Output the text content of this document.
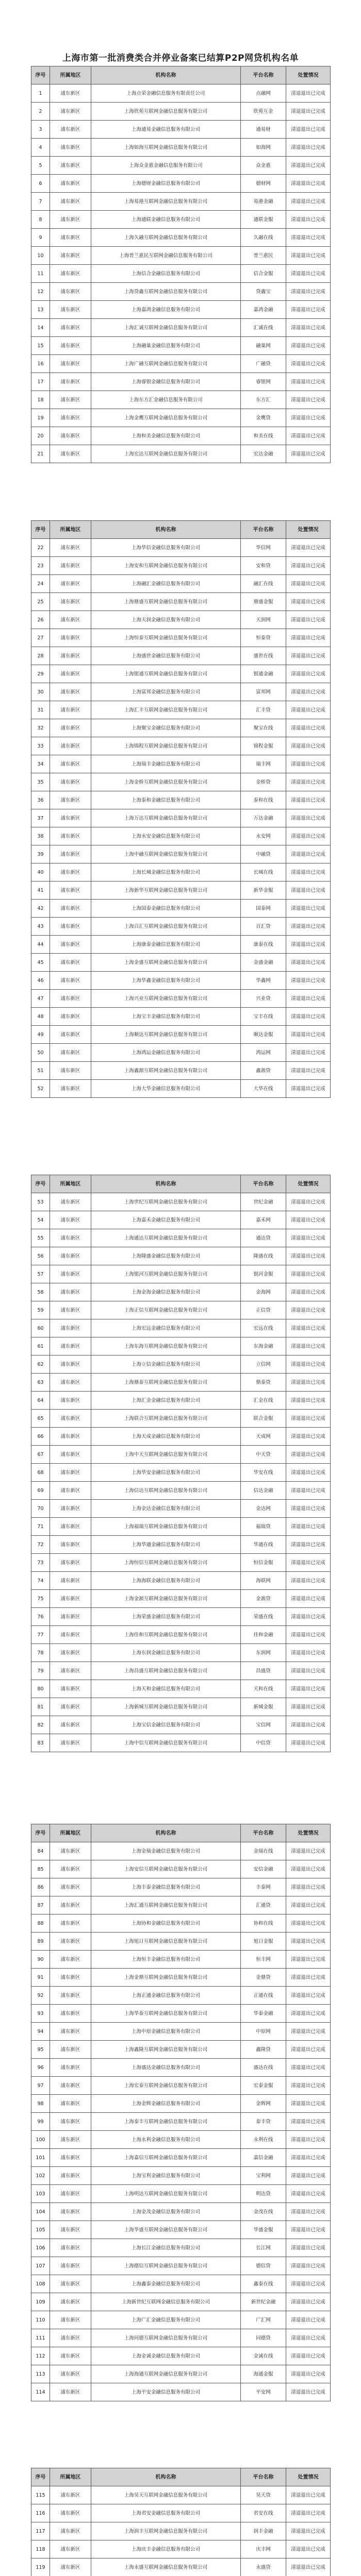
上海市第一批消费类合并停业备案已结算P2P网贷机构名单
序号	所属地区	机构名称	平台名称	处置情况
1	浦东新区	上海点荣金融信息服务有限责任公司	点融网	清退退出已完成
2	浦东新区	上海欣苑互联网金融信息服务有限公司	欣苑互金	清退退出已完成
3	浦东新区	上海通易金融信息服务有限公司	通易财	清退退出已完成
4	浦东新区	上海如海互联网金融信息服务有限公司	如海网	清退退出已完成
5	浦东新区	上海众金惠金融信息服务有限公司	众金惠	清退退出已完成
6	浦东新区	上海德财金融信息服务有限公司	德财网	清退退出已完成
7	浦东新区	上海易港互联网金融信息服务有限公司	易港金融	清退退出已完成
8	浦东新区	上海通联金融信息服务有限公司	通联金服	清退退出已完成
9	浦东新区	上海久融互联网金融信息服务有限公司	久融在线	清退退出已完成
10	浦东新区	上海普兰惠民互联网金融信息服务有限公司	普兰惠民	清退退出已完成
11	浦东新区	上海信合金融信息服务有限公司	信合金服	清退退出已完成
12	浦东新区	上海贷鑫互联网金融信息服务有限公司	贷鑫宝	清退退出已完成
13	浦东新区	上海嘉鸿金融信息服务有限公司	嘉鸿金融	清退退出已完成
14	浦东新区	上海汇诚互联网金融信息服务有限公司	汇诚在线	清退退出已完成
15	浦东新区	上海融巢金融信息服务有限公司	融巢网	清退退出已完成
16	浦东新区	上海广融互联网金融信息服务有限公司	广融贷	清退退出已完成
17	浦东新区	上海睿银金融信息服务有限公司	睿银网	清退退出已完成
18	浦东新区	上海东方汇金融信息服务有限公司	东方汇	清退退出已完成
19	浦东新区	上海金鹰互联网金融信息服务有限公司	金鹰贷	清退退出已完成
20	浦东新区	上海和美金融信息服务有限公司	和美在线	清退退出已完成
21	浦东新区	上海宏达互联网金融信息服务有限公司	宏达金融	清退退出已完成
序号	所属地区	机构名称	平台名称	处置情况
22	浦东新区	上海华信金融信息服务有限公司	华信网	清退退出已完成
23	浦东新区	上海安和互联网金融信息服务有限公司	安和贷	清退退出已完成
24	浦东新区	上海融汇金融信息服务有限公司	融汇在线	清退退出已完成
25	浦东新区	上海鼎盛互联网金融信息服务有限公司	鼎盛金服	清退退出已完成
26	浦东新区	上海天润金融信息服务有限公司	天润网	清退退出已完成
27	浦东新区	上海恒泰互联网金融信息服务有限公司	恒泰贷	清退退出已完成
28	浦东新区	上海盛世金融信息服务有限公司	盛世在线	清退退出已完成
29	浦东新区	上海银通互联网金融信息服务有限公司	银通金融	清退退出已完成
30	浦东新区	上海富邦金融信息服务有限公司	富邦网	清退退出已完成
31	浦东新区	上海汇丰互联网金融信息服务有限公司	汇丰贷	清退退出已完成
32	浦东新区	上海聚宝金融信息服务有限公司	聚宝在线	清退退出已完成
33	浦东新区	上海锦程互联网金融信息服务有限公司	锦程金服	清退退出已完成
34	浦东新区	上海瑞丰金融信息服务有限公司	瑞丰网	清退退出已完成
35	浦东新区	上海金桥互联网金融信息服务有限公司	金桥贷	清退退出已完成
36	浦东新区	上海泰和金融信息服务有限公司	泰和在线	清退退出已完成
37	浦东新区	上海万达互联网金融信息服务有限公司	万达金融	清退退出已完成
38	浦东新区	上海永安金融信息服务有限公司	永安网	清退退出已完成
39	浦东新区	上海中融互联网金融信息服务有限公司	中融贷	清退退出已完成
40	浦东新区	上海长城金融信息服务有限公司	长城在线	清退退出已完成
41	浦东新区	上海新华互联网金融信息服务有限公司	新华金服	清退退出已完成
42	浦东新区	上海国泰金融信息服务有限公司	国泰网	清退退出已完成
43	浦东新区	上海百汇互联网金融信息服务有限公司	百汇贷	清退退出已完成
44	浦东新区	上海康泰金融信息服务有限公司	康泰在线	清退退出已完成
45	浦东新区	上海金盛互联网金融信息服务有限公司	金盛金融	清退退出已完成
46	浦东新区	上海华鑫金融信息服务有限公司	华鑫网	清退退出已完成
47	浦东新区	上海兴业互联网金融信息服务有限公司	兴业贷	清退退出已完成
48	浦东新区	上海宝丰金融信息服务有限公司	宝丰在线	清退退出已完成
49	浦东新区	上海顺达互联网金融信息服务有限公司	顺达金服	清退退出已完成
50	浦东新区	上海鸿运金融信息服务有限公司	鸿运网	清退退出已完成
51	浦东新区	上海鑫源互联网金融信息服务有限公司	鑫源贷	清退退出已完成
52	浦东新区	上海大华金融信息服务有限公司	大华在线	清退退出已完成
序号	所属地区	机构名称	平台名称	处置情况
53	浦东新区	上海世纪互联网金融信息服务有限公司	世纪金融	清退退出已完成
54	浦东新区	上海嘉禾金融信息服务有限公司	嘉禾网	清退退出已完成
55	浦东新区	上海通达互联网金融信息服务有限公司	通达贷	清退退出已完成
56	浦东新区	上海隆盛金融信息服务有限公司	隆盛在线	清退退出已完成
57	浦东新区	上海银河互联网金融信息服务有限公司	银河金服	清退退出已完成
58	浦东新区	上海金海金融信息服务有限公司	金海网	清退退出已完成
59	浦东新区	上海正信互联网金融信息服务有限公司	正信贷	清退退出已完成
60	浦东新区	上海宏远金融信息服务有限公司	宏远在线	清退退出已完成
61	浦东新区	上海东海互联网金融信息服务有限公司	东海金融	清退退出已完成
62	浦东新区	上海立信金融信息服务有限公司	立信网	清退退出已完成
63	浦东新区	上海鼎泰互联网金融信息服务有限公司	鼎泰贷	清退退出已完成
64	浦东新区	上海汇金金融信息服务有限公司	汇金在线	清退退出已完成
65	浦东新区	上海联合互联网金融信息服务有限公司	联合金服	清退退出已完成
66	浦东新区	上海天成金融信息服务有限公司	天成网	清退退出已完成
67	浦东新区	上海中天互联网金融信息服务有限公司	中天贷	清退退出已完成
68	浦东新区	上海华安金融信息服务有限公司	华安在线	清退退出已完成
69	浦东新区	上海信达互联网金融信息服务有限公司	信达金融	清退退出已完成
70	浦东新区	上海金达金融信息服务有限公司	金达网	清退退出已完成
71	浦东新区	上海福瑞互联网金融信息服务有限公司	福瑞贷	清退退出已完成
72	浦东新区	上海华通金融信息服务有限公司	华通在线	清退退出已完成
73	浦东新区	上海恒信互联网金融信息服务有限公司	恒信金服	清退退出已完成
74	浦东新区	上海海联金融信息服务有限公司	海联网	清退退出已完成
75	浦东新区	上海金源互联网金融信息服务有限公司	金源贷	清退退出已完成
76	浦东新区	上海荣盛金融信息服务有限公司	荣盛在线	清退退出已完成
77	浦东新区	上海佳和互联网金融信息服务有限公司	佳和金融	清退退出已完成
78	浦东新区	上海东润金融信息服务有限公司	东润网	清退退出已完成
79	浦东新区	上海昌盛互联网金融信息服务有限公司	昌盛贷	清退退出已完成
80	浦东新区	上海天和金融信息服务有限公司	天和在线	清退退出已完成
81	浦东新区	上海新城互联网金融信息服务有限公司	新城金服	清退退出已完成
82	浦东新区	上海宝信金融信息服务有限公司	宝信网	清退退出已完成
83	浦东新区	上海中信互联网金融信息服务有限公司	中信贷	清退退出已完成
序号	所属地区	机构名称	平台名称	处置情况
84	浦东新区	上海金瑞金融信息服务有限公司	金瑞在线	清退退出已完成
85	浦东新区	上海安信互联网金融信息服务有限公司	安信金融	清退退出已完成
86	浦东新区	上海丰泰金融信息服务有限公司	丰泰网	清退退出已完成
87	浦东新区	上海汇通互联网金融信息服务有限公司	汇通贷	清退退出已完成
88	浦东新区	上海协和金融信息服务有限公司	协和在线	清退退出已完成
89	浦东新区	上海旭日互联网金融信息服务有限公司	旭日金服	清退退出已完成
90	浦东新区	上海恒丰金融信息服务有限公司	恒丰网	清退退出已完成
91	浦东新区	上海金鼎互联网金融信息服务有限公司	金鼎贷	清退退出已完成
92	浦东新区	上海正通金融信息服务有限公司	正通在线	清退退出已完成
93	浦东新区	上海华泰互联网金融信息服务有限公司	华泰金融	清退退出已完成
94	浦东新区	上海中原金融信息服务有限公司	中原网	清退退出已完成
95	浦东新区	上海鑫隆互联网金融信息服务有限公司	鑫隆贷	清退退出已完成
96	浦东新区	上海盛达金融信息服务有限公司	盛达在线	清退退出已完成
97	浦东新区	上海宏泰互联网金融信息服务有限公司	宏泰金服	清退退出已完成
98	浦东新区	上海金辉金融信息服务有限公司	金辉网	清退退出已完成
99	浦东新区	上海泰丰互联网金融信息服务有限公司	泰丰贷	清退退出已完成
100	浦东新区	上海永利金融信息服务有限公司	永利在线	清退退出已完成
101	浦东新区	上海嘉信互联网金融信息服务有限公司	嘉信金融	清退退出已完成
102	浦东新区	上海宝利金融信息服务有限公司	宝利网	清退退出已完成
103	浦东新区	上海明达互联网金融信息服务有限公司	明达贷	清退退出已完成
104	浦东新区	上海金茂金融信息服务有限公司	金茂在线	清退退出已完成
105	浦东新区	上海华盛互联网金融信息服务有限公司	华盛金服	清退退出已完成
106	浦东新区	上海长江金融信息服务有限公司	长江网	清退退出已完成
107	浦东新区	上海德信互联网金融信息服务有限公司	德信贷	清退退出已完成
108	浦东新区	上海鑫泰金融信息服务有限公司	鑫泰在线	清退退出已完成
109	浦东新区	上海新世纪互联网金融信息服务有限公司	新世纪金融	清退退出已完成
110	浦东新区	上海广汇金融信息服务有限公司	广汇网	清退退出已完成
111	浦东新区	上海同德互联网金融信息服务有限公司	同德贷	清退退出已完成
112	浦东新区	上海金诚金融信息服务有限公司	金诚在线	清退退出已完成
113	浦东新区	上海海通互联网金融信息服务有限公司	海通金服	清退退出已完成
114	浦东新区	上海平安金融信息服务有限公司	平安网	清退退出已完成
序号	所属地区	机构名称	平台名称	处置情况
115	浦东新区	上海昊天互联网金融信息服务有限公司	昊天贷	清退退出已完成
116	浦东新区	上海君安金融信息服务有限公司	君安在线	清退退出已完成
117	浦东新区	上海润丰互联网金融信息服务有限公司	润丰金融	清退退出已完成
118	浦东新区	上海庆丰金融信息服务有限公司	庆丰网	清退退出已完成
119	浦东新区	上海永盛互联网金融信息服务有限公司	永盛贷	清退退出已完成
